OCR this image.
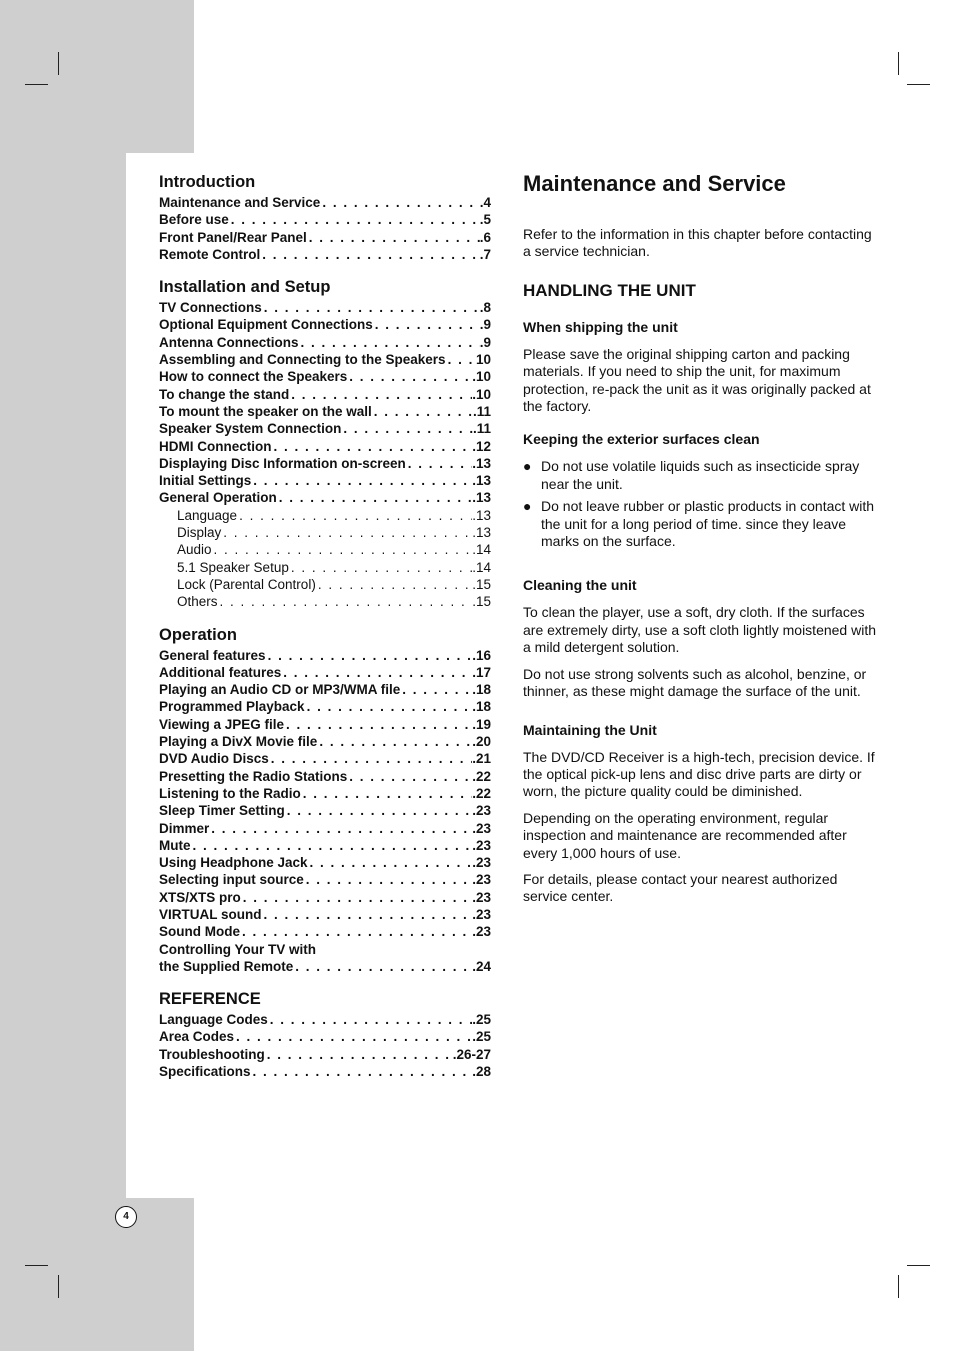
4
Introduction
Maintenance and Service . . .	.4
Before use . . .	.5
Front Panel/Rear Panel . . .	.6
Remote Control . . .	.7
Installation and Setup
TV Connections . . .	.8
Optional Equipment Connections . . .	.9
Antenna Connections . . .	.9
Assembling and Connecting to the Speakers . . . 10
How to connect the Speakers . . .	.10
To change the stand . . .	.10
To mount the speaker on the wall . . .	.11
Speaker System Connection . . .	.11
HDMI Connection . . .	.12
Displaying Disc Information on-screen . . .	.13
Initial Settings . . .	.13
General Operation . . .	.13
Language . . .	.13
Display . . .	.13
Audio . . .	.14
5.1 Speaker Setup . . .	.14
Lock (Parental Control) . . .	.15
Others . . .	.15
Operation
General features . . .	.16
Additional features . . .	.17
Playing an Audio CD or MP3/WMA file . . .	.18
Programmed Playback . . .	.18
Viewing a JPEG file . . .	.19
Playing a DivX Movie file . . .	.20
DVD Audio Discs . . .	.21
Presetting the Radio Stations . . .	.22
Listening to the Radio . . .	.22
Sleep Timer Setting . . .	.23
Dimmer . . .	.23
Mute . . .	.23
Using Headphone Jack . . .	.23
Selecting input source . . .	.23
XTS/XTS pro . . .	.23
VIRTUAL sound . . .	.23
Sound Mode . . .	.23
Controlling Your TV with
the Supplied Remote . . .	.24
REFERENCE
Language Codes . . .	.25
Area Codes . . .	.25
Troubleshooting . . .	.26-27
Specifications . . .	.28
Maintenance and Service

Refer to the information in this chapter before contacting a service technician.

HANDLING THE UNIT
When shipping the unit

Please save the original shipping carton and packing materials. If you need to ship the unit, for maximum protection, re-pack the unit as it was originally packed at the factory.

Keeping the exterior surfaces clean
● Do not use volatile liquids such as insecticide spray near the unit.
● Do not leave rubber or plastic products in contact with the unit for a long period of time. since they leave marks on the surface.
Cleaning the unit

To clean the player, use a soft, dry cloth. If the surfaces are extremely dirty, use a soft cloth lightly moistened with a mild detergent solution.

Do not use strong solvents such as alcohol, benzine, or thinner, as these might damage the surface of the unit.

Maintaining the Unit

The DVD/CD Receiver is a high-tech, precision device. If the optical pick-up lens and disc drive parts are dirty or worn, the picture quality could be diminished.

Depending on the operating environment, regular inspection and maintenance are recommended after every 1,000 hours of use.

For details, please contact your nearest authorized service center.
